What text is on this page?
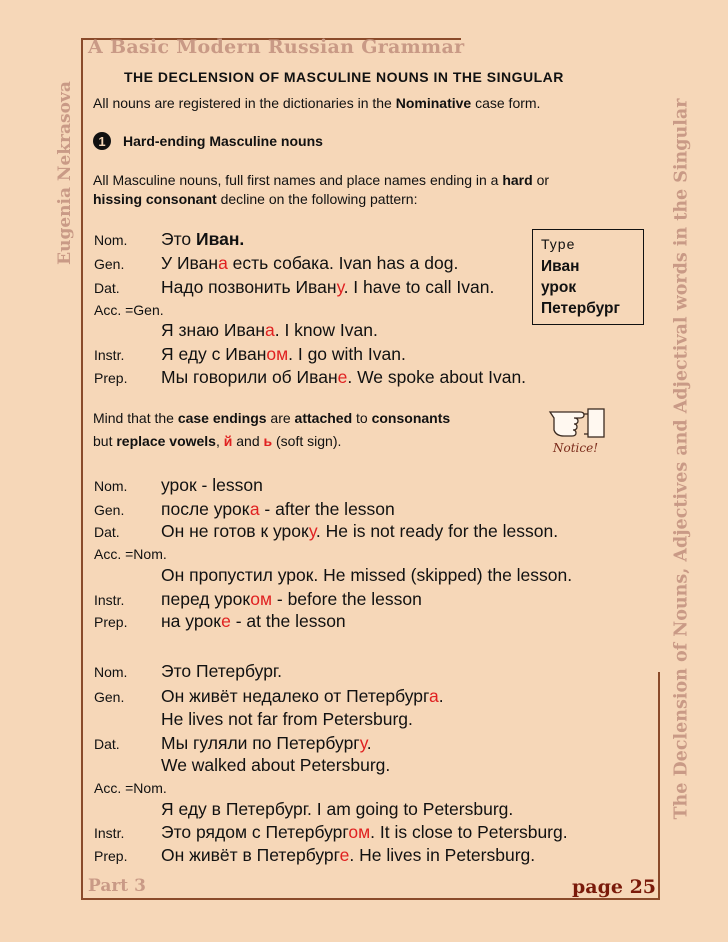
A Basic Modern Russian Grammar
Eugenia Nekrasova	The Declension of Nouns, Adjectives and Adjectival words in the Singular
THE DECLENSION OF MASCULINE NOUNS IN THE SINGULAR
All nouns are registered in the dictionaries in the Nominative case form.
1	Hard-ending Masculine nouns
All Masculine nouns, full first names and place names ending in a hard or
hissing consonant decline on the following pattern:
Nom. Это Иван.
Gen. У Ивана есть собака. Ivan has a dog.
Dat. Надо позвонить Ивану. I have to call Ivan.
Acc. =Gen.
Я знаю Ивана. I know Ivan.
Instr. Я еду с Иваном. I go with Ivan.
Prep. Мы говорили об Иване. We spoke about Ivan.
Type
Иван
урок
Петербург
Mind that the case endings are attached to consonants
but replace vowels, й and ь (soft sign).	Notice!
Nom. урок - lesson
Gen. после урока - after the lesson
Dat. Он не готов к уроку. He is not ready for the lesson.
Acc. =Nom.
Он пропустил урок. He missed (skipped) the lesson.
Instr. перед уроком - before the lesson
Prep. на уроке - at the lesson
Nom. Это Петербург.
Gen. Он живёт недалеко от Петербурга.
He lives not far from Petersburg.
Dat. Мы гуляли по Петербургу.
We walked about Petersburg.
Acc. =Nom.
Я еду в Петербург. I am going to Petersburg.
Instr. Это рядом с Петербургом. It is close to Petersburg.
Prep. Он живёт в Петербурге. He lives in Petersburg.
Part 3	page 25
